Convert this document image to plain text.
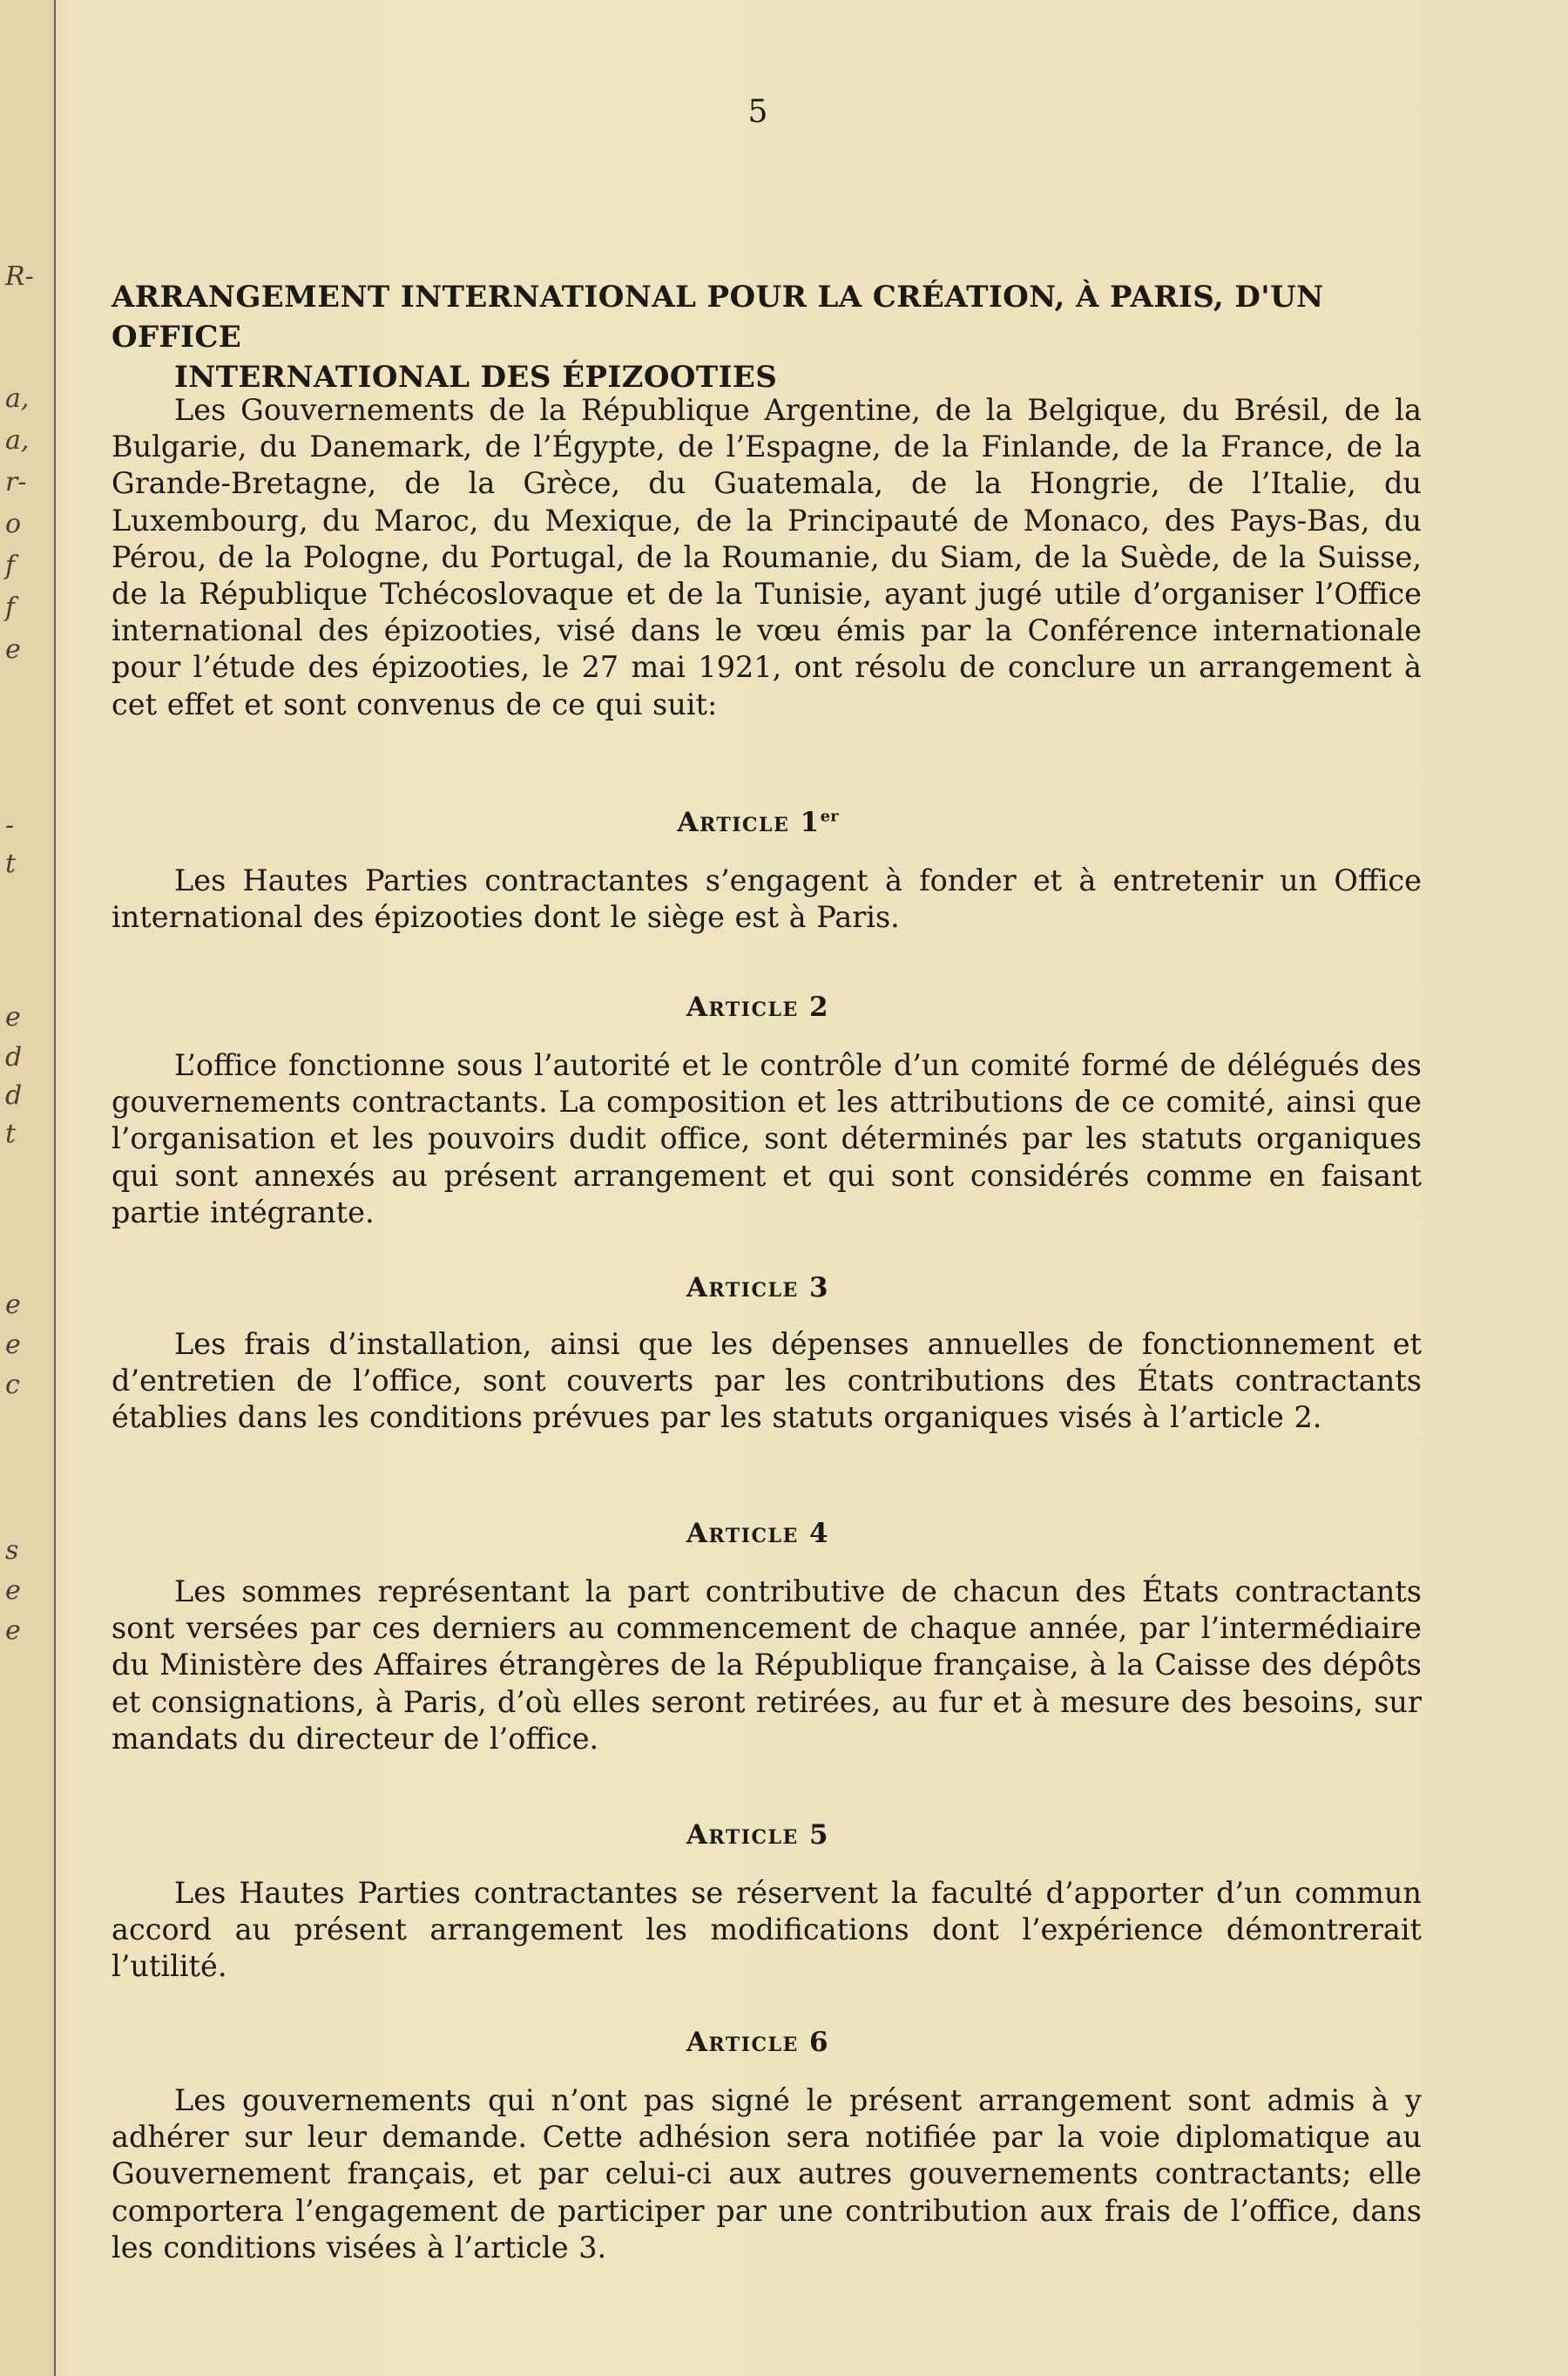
R-
a,
a,
r-
o
f
f
e
-
t
e
d
d
t
e
e
c
s
e
e
5
ARRANGEMENT INTERNATIONAL POUR LA CRÉATION, À PARIS, D'UN OFFICE
INTERNATIONAL DES ÉPIZOOTIES

Les Gouvernements de la République Argentine, de la Belgique, du Brésil, de la Bulgarie, du Danemark, de l’Égypte, de l’Espagne, de la Finlande, de la France, de la Grande-Bretagne, de la Grèce, du Guatemala, de la Hongrie, de l’Italie, du Luxembourg, du Maroc, du Mexique, de la Principauté de Monaco, des Pays-Bas, du Pérou, de la Pologne, du Portugal, de la Roumanie, du Siam, de la Suède, de la Suisse, de la République Tchécoslovaque et de la Tunisie, ayant jugé utile d’organiser l’Office international des épizooties, visé dans le vœu émis par la Conférence internationale pour l’étude des épizooties, le 27 mai 1921, ont résolu de conclure un arrangement à cet effet et sont convenus de ce qui suit:

Article 1er

Les Hautes Parties contractantes s’engagent à fonder et à entretenir un Office international des épizooties dont le siège est à Paris.

Article 2

L’office fonctionne sous l’autorité et le contrôle d’un comité formé de délégués des gouvernements contractants. La composition et les attributions de ce comité, ainsi que l’organisation et les pouvoirs dudit office, sont déterminés par les statuts organiques qui sont annexés au présent arrangement et qui sont considérés comme en faisant partie intégrante.

Article 3

Les frais d’installation, ainsi que les dépenses annuelles de fonctionnement et d’entretien de l’office, sont couverts par les contributions des États contractants établies dans les conditions prévues par les statuts organiques visés à l’article 2.

Article 4

Les sommes représentant la part contributive de chacun des États contractants sont versées par ces derniers au commencement de chaque année, par l’intermédiaire du Ministère des Affaires étrangères de la République française, à la Caisse des dépôts et consignations, à Paris, d’où elles seront retirées, au fur et à mesure des besoins, sur mandats du directeur de l’office.

Article 5

Les Hautes Parties contractantes se réservent la faculté d’apporter d’un commun accord au présent arrangement les modifications dont l’expérience démontrerait l’utilité.

Article 6

Les gouvernements qui n’ont pas signé le présent arrangement sont admis à y adhérer sur leur demande. Cette adhésion sera notifiée par la voie diplomatique au Gouvernement français, et par celui-ci aux autres gouvernements contractants; elle comportera l’engagement de participer par une contribution aux frais de l’office, dans les conditions visées à l’article 3.
